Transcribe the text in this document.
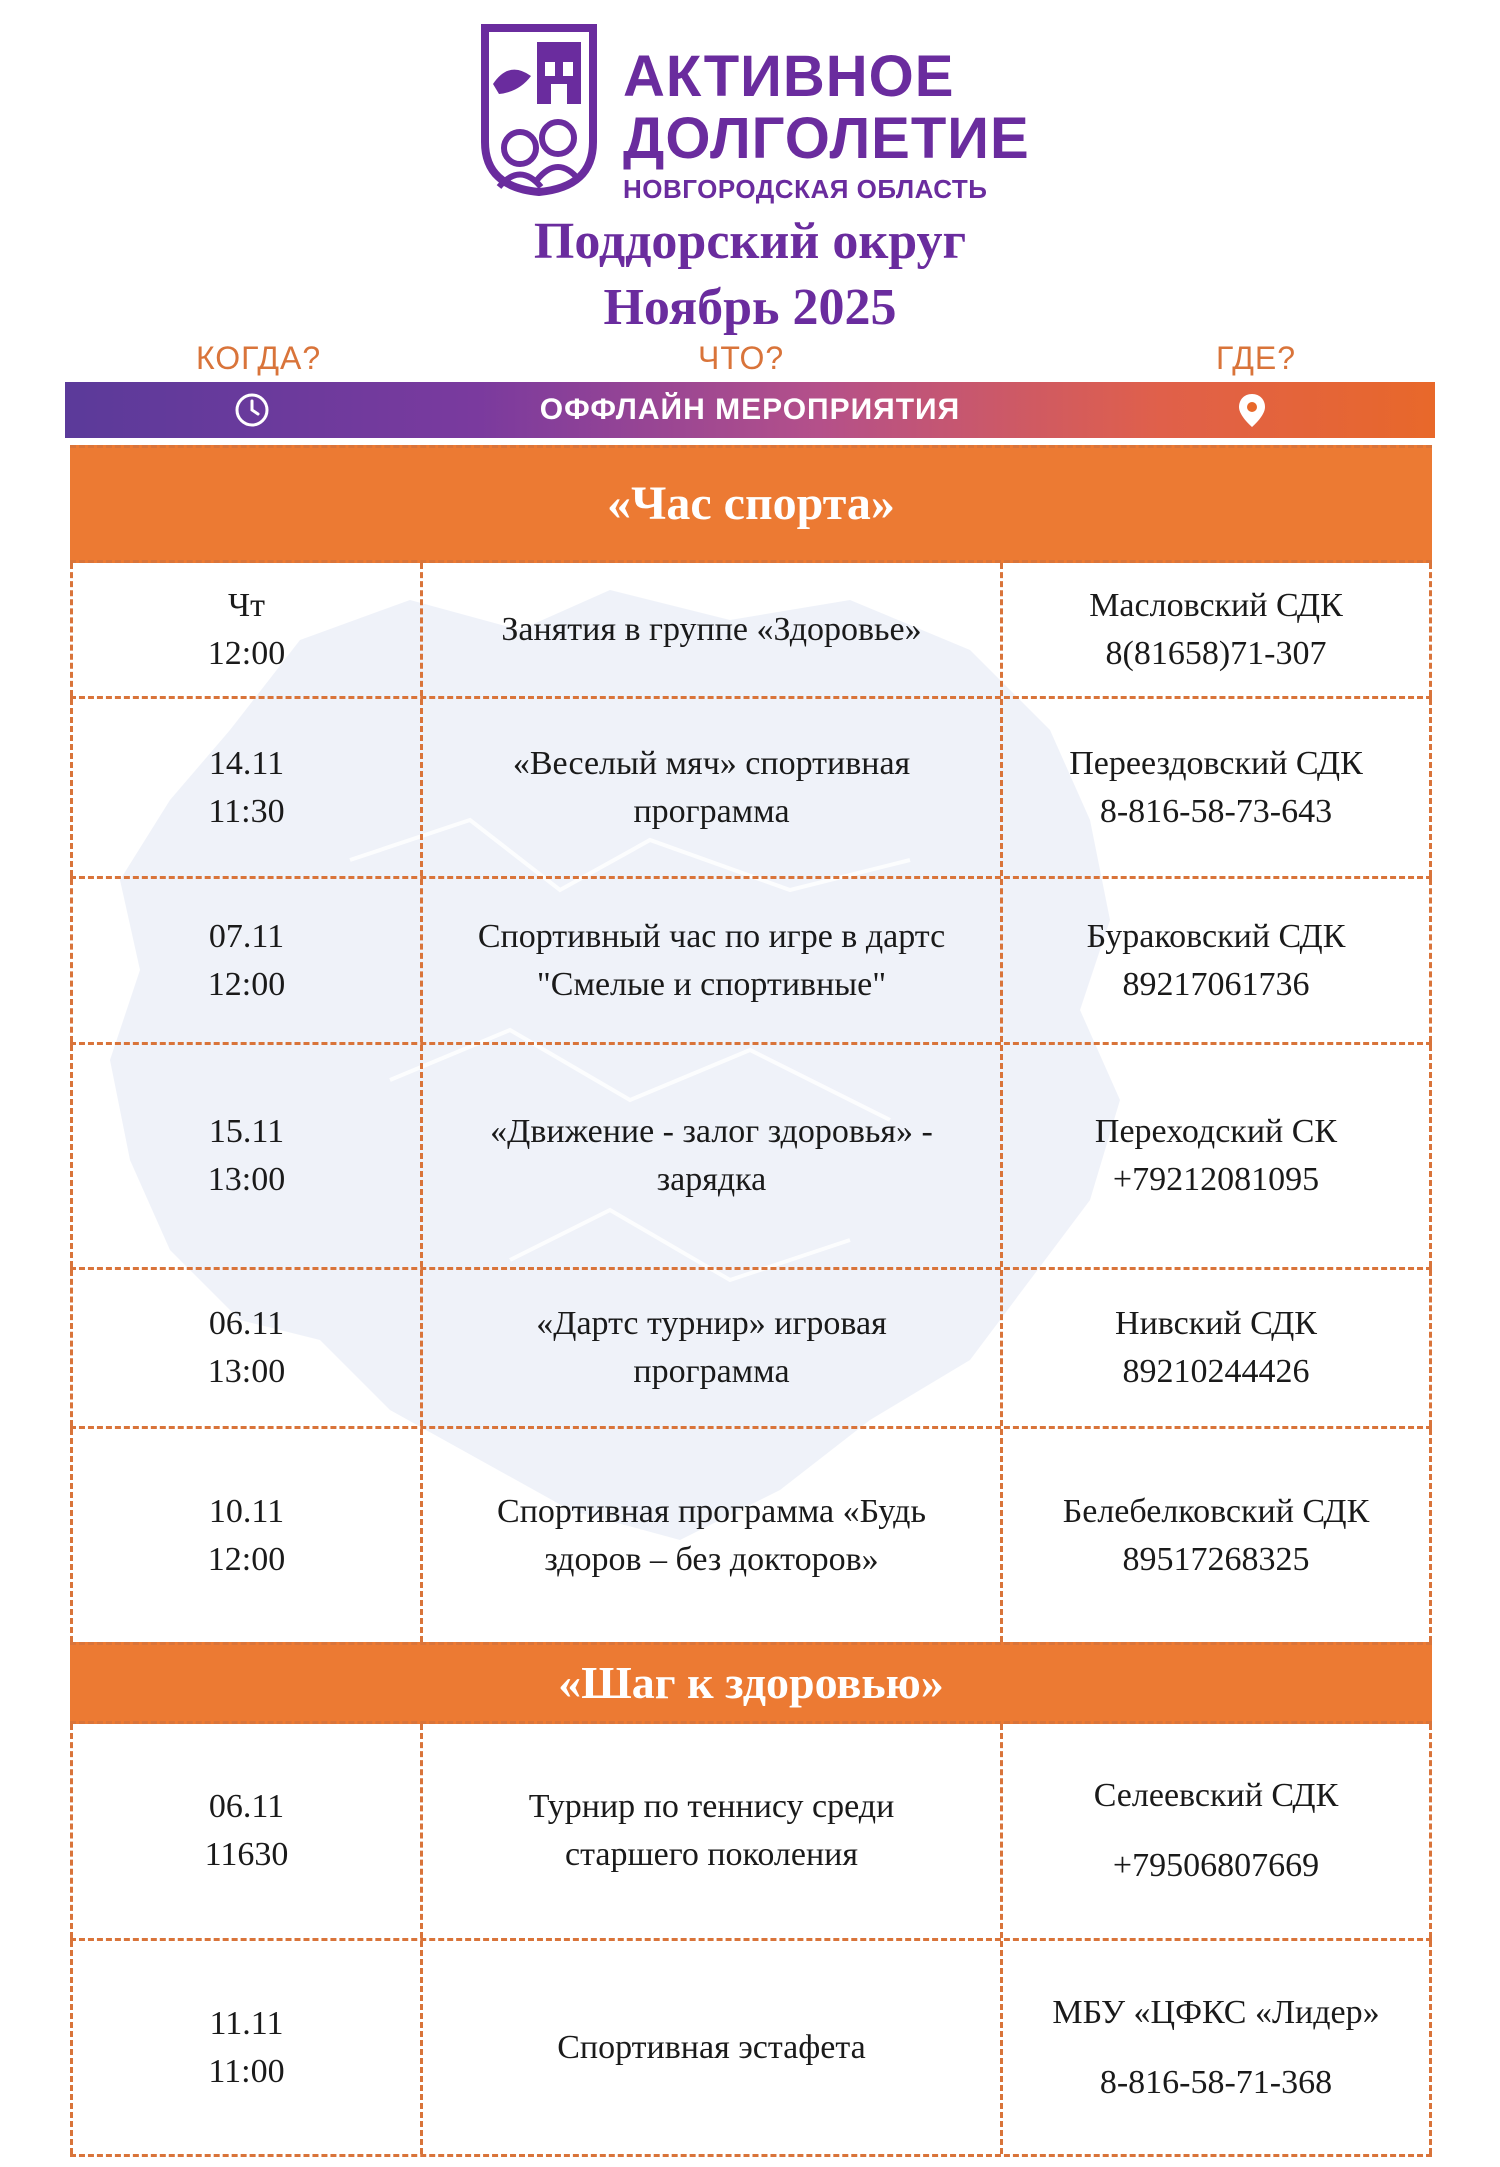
АКТИВНОЕ
ДОЛГОЛЕТИЕ
НОВГОРОДСКАЯ ОБЛАСТЬ
Поддорский округ
Ноябрь 2025
КОГДА?	ЧТО?	ГДЕ?
ОФФЛАЙН МЕРОПРИЯТИЯ
«Час спорта»
Чт
12:00
Занятия в группе «Здоровье»
Масловский СДК
8(81658)71-307
14.11
11:30
«Веселый мяч» спортивная
программа
Переездовский СДК
8-816-58-73-643
07.11
12:00
Спортивный час по игре в дартс
"Смелые и спортивные"
Бураковский СДК
89217061736
15.11
13:00
«Движение - залог здоровья» -
зарядка
Переходский СК
+79212081095
06.11
13:00
«Дартс турнир» игровая
программа
Нивский СДК
89210244426
10.11
12:00
Спортивная программа «Будь
здоров – без докторов»
Белебелковский СДК
89517268325
«Шаг к здоровью»
06.11
11630
Турнир по теннису среди
старшего поколения
Селеевский СДК
+79506807669
11.11
11:00
Спортивная эстафета
МБУ «ЦФКС «Лидер»
8-816-58-71-368
